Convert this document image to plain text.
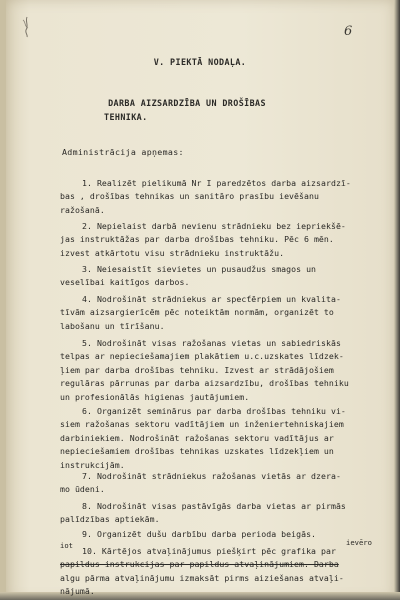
6
V. PIEKTĀ NODAĻA.
DARBA AIZSARDZĪBA UN DROŠĪBAS
TEHNIKA.
Administrācija apņemas:
1. Realizēt pielikumā Nr I paredzētos darba aizsardzī-
bas , drošības tehnikas un sanitāro prasību ievēšanu
ražošanā.
2. Nepielaist darbā nevienu strādnieku bez iepriekšē-
jas instruktāžas par darba drošības tehniku. Pēc 6 mēn.
izvest atkārtotu visu strādnieku instruktāžu.
3. Neiesaistīt sievietes un pusaudžus smagos un
veselībai kaitīgos darbos.
4. Nodrošināt strādniekus ar specťērpiem un kvalita-
tīvām aizsargierīcēm pēc noteiktām normām, organizēt to
labošanu un tīrīšanu.
5. Nodrošināt visas ražošanas vietas un sabiedriskās
telpas ar nepieciešamajiem plakātiem u.c.uzskates līdzek-
ļiem par darba drošības tehniku. Izvest ar strādājošiem
regulāras pārrunas par darba aizsardzību, drošības tehniku
un profesionālās higienas jautājumiem.
6. Organizēt seminārus par darba drošības tehniku vi-
siem ražošanas sektoru vadītājiem un inženiertehniskajiem
darbiniekiem. Nodrošināt ražošanas sektoru vadītājus ar
nepieciešamiem drošības tehnikas uzskates līdzekļiem un
instrukcijām.
7. Nodrošināt strādniekus ražošanas vietās ar dzera-
mo ūdeni.
8. Nodrošināt visas pastāvīgās darba vietas ar pirmās
palīdzības aptiekām.
9. Organizēt dušu darbību darba perioda beigās.
ievēro
iot
10. Kārtējos atvaļinājumus piešķirt pēc grafika par
papildus instrukcijas par papildus atvaļinājumiem. Darba
algu pārma atvaļinājumu izmaksāt pirms aiziešanas atvaļi-
nājumā.
